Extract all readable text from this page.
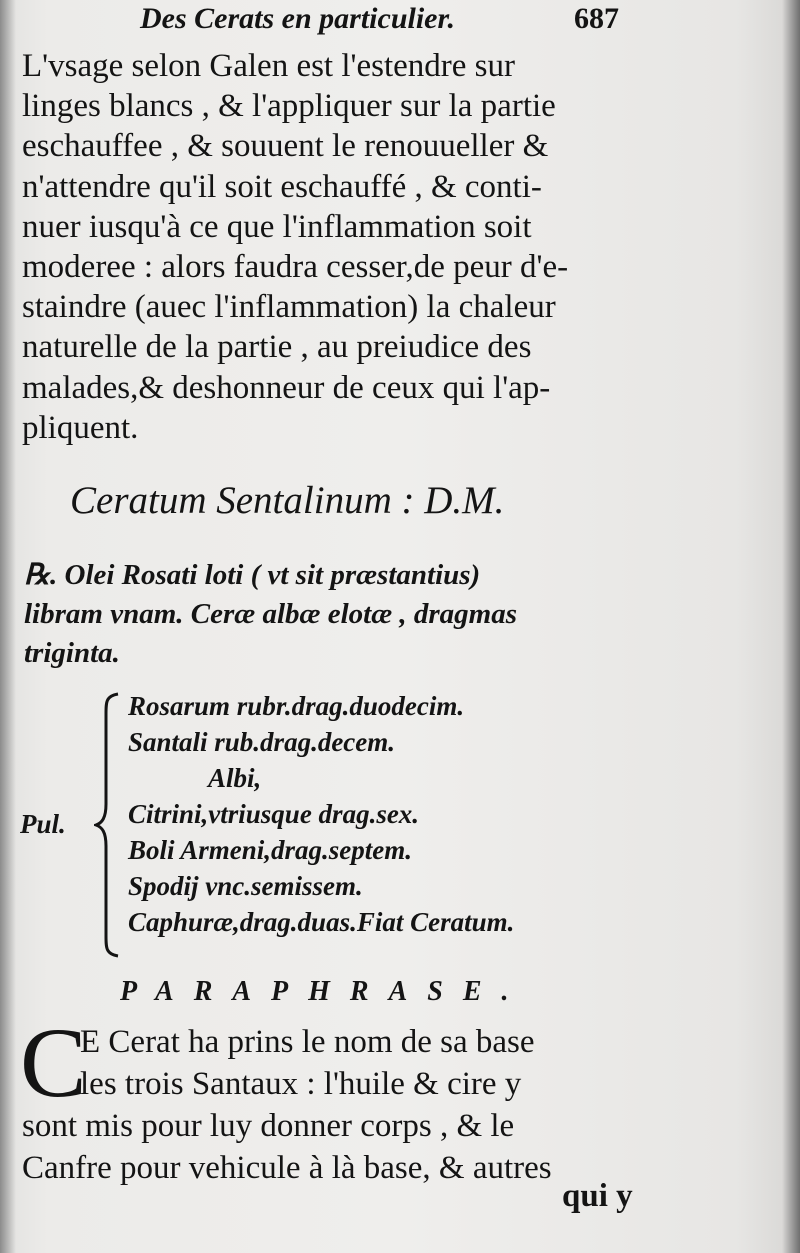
Des Cerats en particulier.	687

L'vsage selon Galen est l'estendre sur
linges blancs , & l'appliquer sur la partie
eschauffee , & souuent le renouueller &
n'attendre qu'il soit eschauffé , & conti-
nuer iusqu'à ce que l'inflammation soit
moderee : alors faudra cesser,de peur d'e-
staindre (auec l'inflammation) la chaleur
naturelle de la partie , au preiudice des
malades,& deshonneur de ceux qui l'ap-
pliquent.

Ceratum Sentalinum : D.M.

℞. Olei Rosati loti ( vt sit præstantius)
libram vnam. Ceræ albæ elotæ , dragmas
triginta.

Pul.
Rosarum rubr.drag.duodecim.
Santali rub.drag.decem.
Albi,
Citrini,vtriusque drag.sex.
Boli Armeni,drag.septem.
Spodij vnc.semissem.
Caphuræ,drag.duas.Fiat Ceratum.
PARAPHRASE.
C

E Cerat ha prins le nom de sa base
les trois Santaux : l'huile & cire y

sont mis pour luy donner corps , & le
Canfre pour vehicule à là base, & autres

qui y
